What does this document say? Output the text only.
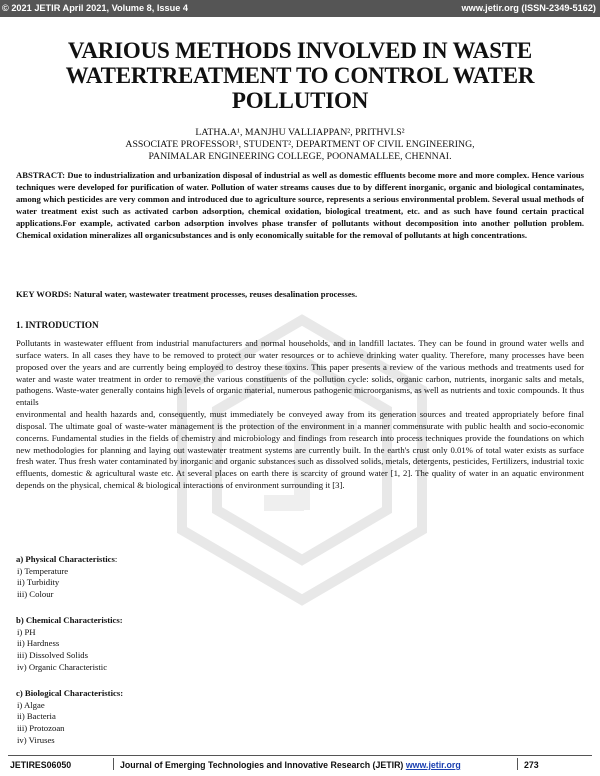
© 2021 JETIR April 2021, Volume 8, Issue 4	www.jetir.org (ISSN-2349-5162)
VARIOUS METHODS INVOLVED IN WASTE WATERTREATMENT TO CONTROL WATER POLLUTION
LATHA.A¹, MANJHU VALLIAPPAN², PRITHVI.S²
ASSOCIATE PROFESSOR¹, STUDENT², DEPARTMENT OF CIVIL ENGINEERING,
PANIMALAR ENGINEERING COLLEGE, POONAMALLEE, CHENNAI.
ABSTRACT: Due to industrialization and urbanization disposal of industrial as well as domestic effluents become more and more complex. Hence various techniques were developed for purification of water. Pollution of water streams causes due to by different inorganic, organic and biological contaminates, among which pesticides are very common and introduced due to agriculture source, represents a serious environmental problem. Several usual methods of water treatment exist such as activated carbon adsorption, chemical oxidation, biological treatment, etc. and as such have found certain practical applications.For example, activated carbon adsorption involves phase transfer of pollutants without decomposition into another pollution problem. Chemical oxidation mineralizes all organicsubstances and is only economically suitable for the removal of pollutants at high concentrations.
KEY WORDS: Natural water, wastewater treatment processes, reuses desalination processes.
1. INTRODUCTION

Pollutants in wastewater effluent from industrial manufacturers and normal households, and in landfill lactates. They can be found in ground water wells and surface waters. In all cases they have to be removed to protect our water resources or to achieve drinking water quality. Therefore, many processes have been proposed over the years and are currently being employed to destroy these toxins. This paper presents a review of the various methods and treatments used for water and waste water treatment in order to remove the various constituents of the pollution cycle: solids, organic carbon, nutrients, inorganic salts and metals, pathogens. Waste-water generally contains high levels of organic material, numerous pathogenic microorganisms, as well as nutrients and toxic compounds. It thus entails

environmental and health hazards and, consequently, must immediately be conveyed away from its generation sources and treated appropriately before final disposal. The ultimate goal of waste-water management is the protection of the environment in a manner commensurate with public health and socio-economic concerns. Fundamental studies in the fields of chemistry and microbiology and findings from research into process techniques provide the foundations on which new methodologies for planning and laying out wastewater treatment systems are currently built. In the earth's crust only 0.01% of total water exists as surface fresh water. Thus fresh water contaminated by inorganic and organic substances such as dissolved solids, metals, detergents, pesticides, Fertilizers, industrial toxic effluents, domestic & agricultural waste etc. At several places on earth there is scarcity of ground water [1, 2]. The quality of water in an aquatic environment depends on the physical, chemical & biological interactions of environment surrounding it [3].

a) Physical Characteristics:
i) Temperature
ii) Turbidity
iii) Colour
b) Chemical Characteristics:
i) PH
ii) Hardness
iii) Dissolved Solids
iv) Organic Characteristic
c) Biological Characteristics:
i) Algae
ii) Bacteria
iii) Protozoan
iv) Viruses
JETIRES06050	Journal of Emerging Technologies and Innovative Research (JETIR) www.jetir.org	273
